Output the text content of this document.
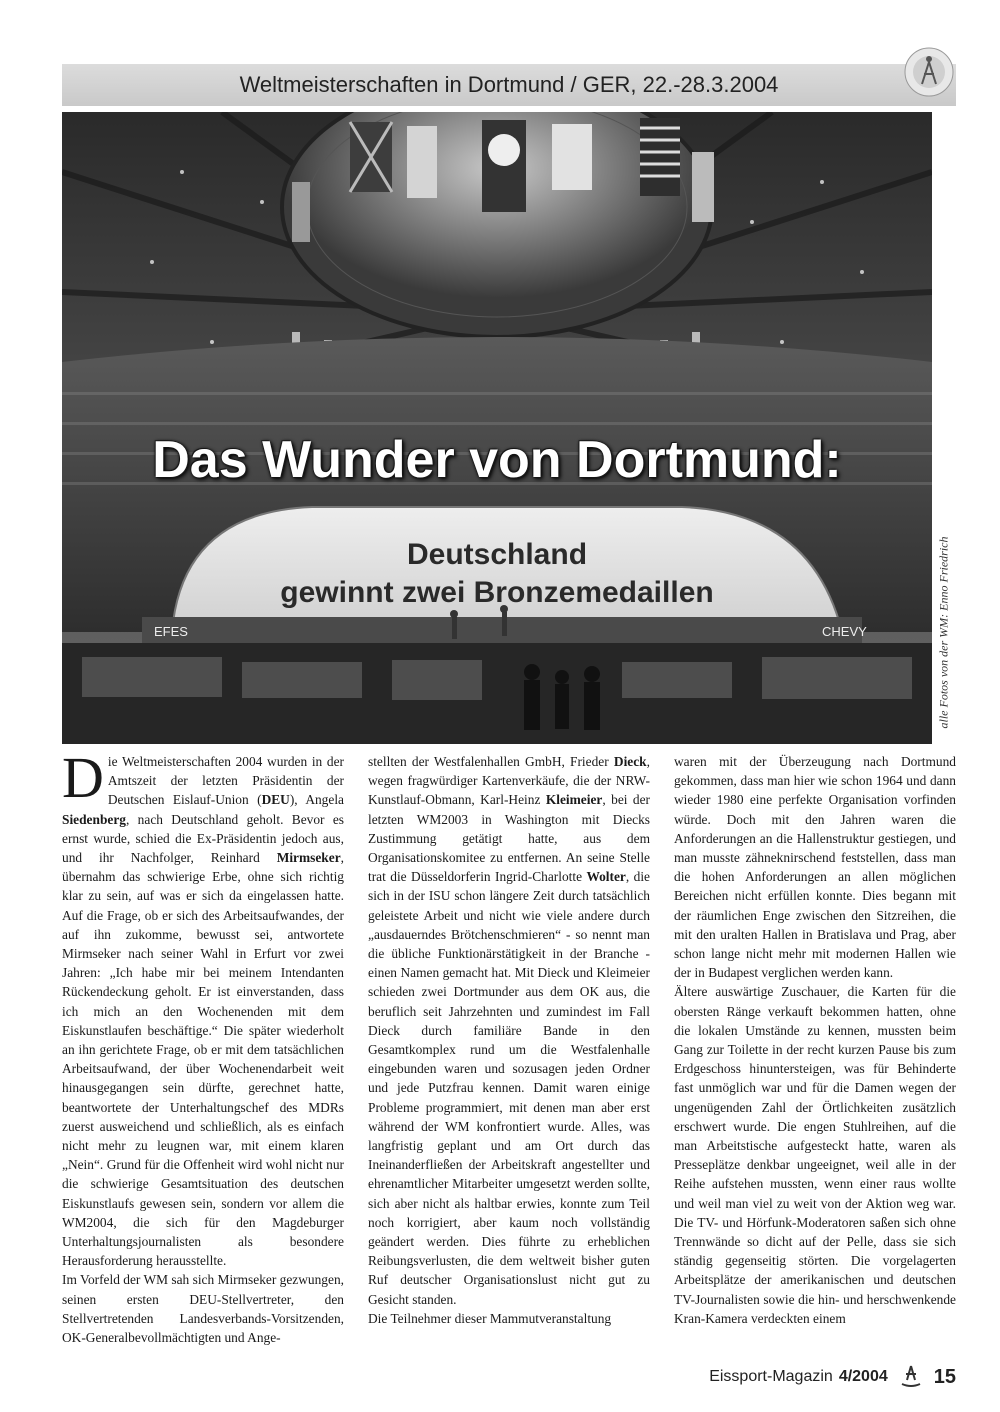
Weltmeisterschaften in Dortmund / GER, 22.-28.3.2004
EFES	CHEVY	alle Fotos von der WM: Enno Friedrich
Das Wunder von Dortmund:
Deutschland
gewinnt zwei Bronzemedaillen

Die Weltmeisterschaften 2004 wurden in der Amtszeit der letzten Präsidentin der Deutschen Eislauf-Union (DEU), Angela Siedenberg, nach Deutschland geholt. Bevor es ernst wurde, schied die Ex-Präsidentin jedoch aus, und ihr Nachfolger, Reinhard Mirmseker, übernahm das schwierige Erbe, ohne sich richtig klar zu sein, auf was er sich da eingelassen hatte. Auf die Frage, ob er sich des Arbeitsaufwandes, der auf ihn zukomme, bewusst sei, antwortete Mirmseker nach seiner Wahl in Erfurt vor zwei Jahren: „Ich habe mir bei meinem Intendanten Rückendeckung geholt. Er ist einverstanden, dass ich mich an den Wochenenden mit dem Eiskunstlaufen beschäftige.“ Die später wiederholt an ihn gerichtete Frage, ob er mit dem tatsächlichen Arbeitsaufwand, der über Wochenendarbeit weit hinausgegangen sein dürfte, gerechnet hatte, beantwortete der Unterhaltungschef des MDRs zuerst ausweichend und schließlich, als es einfach nicht mehr zu leugnen war, mit einem klaren „Nein“. Grund für die Offenheit wird wohl nicht nur die schwierige Gesamtsituation des deutschen Eiskunstlaufs gewesen sein, sondern vor allem die WM2004, die sich für den Magdeburger Unterhaltungsjournalisten als besondere Herausforderung herausstellte.

Im Vorfeld der WM sah sich Mirmseker gezwungen, seinen ersten DEU-Stellvertreter, den Stellvertretenden Landesverbands-Vorsitzenden, OK-Generalbevollmächtigten und Ange-

stellten der Westfalenhallen GmbH, Frieder Dieck, wegen fragwürdiger Kartenverkäufe, die der NRW-Kunstlauf-Obmann, Karl-Heinz Kleimeier, bei der letzten WM2003 in Washington mit Diecks Zustimmung getätigt hatte, aus dem Organisationskomitee zu entfernen. An seine Stelle trat die Düsseldorferin Ingrid-Charlotte Wolter, die sich in der ISU schon längere Zeit durch tatsächlich geleistete Arbeit und nicht wie viele andere durch „ausdauerndes Brötchenschmieren“ - so nennt man die übliche Funktionärstätigkeit in der Branche - einen Namen gemacht hat. Mit Dieck und Kleimeier schieden zwei Dortmunder aus dem OK aus, die beruflich seit Jahrzehnten und zumindest im Fall Dieck durch familiäre Bande in den Gesamtkomplex rund um die Westfalenhalle eingebunden waren und sozusagen jeden Ordner und jede Putzfrau kennen. Damit waren einige Probleme programmiert, mit denen man aber erst während der WM konfrontiert wurde. Alles, was langfristig geplant und am Ort durch das Ineinanderfließen der Arbeitskraft angestellter und ehrenamtlicher Mitarbeiter umgesetzt werden sollte, sich aber nicht als haltbar erwies, konnte zum Teil noch korrigiert, aber kaum noch vollständig geändert werden. Dies führte zu erheblichen Reibungsverlusten, die dem weltweit bisher guten Ruf deutscher Organisationslust nicht gut zu Gesicht standen.

Die Teilnehmer dieser Mammutveranstaltung

waren mit der Überzeugung nach Dortmund gekommen, dass man hier wie schon 1964 und dann wieder 1980 eine perfekte Organisation vorfinden würde. Doch mit den Jahren waren die Anforderungen an die Hallenstruktur gestiegen, und man musste zähneknirschend feststellen, dass man die hohen Anforderungen an allen möglichen Bereichen nicht erfüllen konnte. Dies begann mit der räumlichen Enge zwischen den Sitzreihen, die mit den uralten Hallen in Bratislava und Prag, aber schon lange nicht mehr mit modernen Hallen wie der in Budapest verglichen werden kann.

Ältere auswärtige Zuschauer, die Karten für die obersten Ränge verkauft bekommen hatten, ohne die lokalen Umstände zu kennen, mussten beim Gang zur Toilette in der recht kurzen Pause bis zum Erdgeschoss hinuntersteigen, was für Behinderte fast unmöglich war und für die Damen wegen der ungenügenden Zahl der Örtlichkeiten zusätzlich erschwert wurde. Die engen Stuhlreihen, auf die man Arbeitstische aufgesteckt hatte, waren als Presseplätze denkbar ungeeignet, weil alle in der Reihe aufstehen mussten, wenn einer raus wollte und weil man viel zu weit von der Aktion weg war. Die TV- und Hörfunk-Moderatoren saßen sich ohne Trennwände so dicht auf der Pelle, dass sie sich ständig gegenseitig störten. Die vorgelagerten Arbeitsplätze der amerikanischen und deutschen TV-Journalisten sowie die hin- und herschwenkende Kran-Kamera verdeckten einem

Eissport-Magazin 4/2004 15
